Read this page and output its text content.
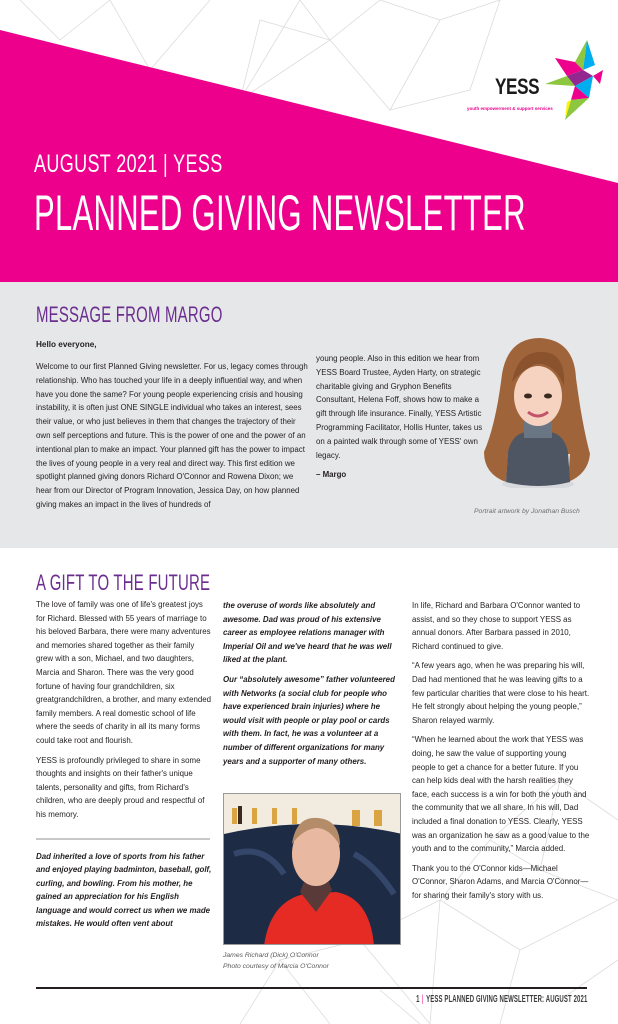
YESS
youth empowerment & support services
AUGUST 2021 | YESS
PLANNED GIVING NEWSLETTER
MESSAGE FROM MARGO
Hello everyone,

Welcome to our first Planned Giving newsletter. For us, legacy comes through relationship. Who has touched your life in a deeply influential way, and when have you done the same? For young people experiencing crisis and housing instability, it is often just ONE SINGLE individual who takes an interest, sees their value, or who just believes in them that changes the trajectory of their own self perceptions and future. This is the power of one and the power of an intentional plan to make an impact. Your planned gift has the power to impact the lives of young people in a very real and direct way. This first edition we spotlight planned giving donors Richard O'Connor and Rowena Dixon; we hear from our Director of Program Innovation, Jessica Day, on how planned giving makes an impact in the lives of hundreds of

young people. Also in this edition we hear from YESS Board Trustee, Ayden Harty, on strategic charitable giving and Gryphon Benefits Consultant, Helena Foff, shows how to make a gift through life insurance. Finally, YESS Artistic Programming Facilitator, Hollis Hunter, takes us on a painted walk through some of YESS' own legacy.

– Margo

Portrait artwork by Jonathan Busch
A GIFT TO THE FUTURE

The love of family was one of life's greatest joys for Richard. Blessed with 55 years of marriage to his beloved Barbara, there were many adventures and memories shared together as their family grew with a son, Michael, and two daughters, Marcia and Sharon. There was the very good fortune of having four grandchildren, six greatgrandchildren, a brother, and many extended family members. A real domestic school of life where the seeds of charity in all its many forms could take root and flourish.

YESS is profoundly privileged to share in some thoughts and insights on their father's unique talents, personality and gifts, from Richard's children, who are deeply proud and respectful of his memory.

Dad inherited a love of sports from his father and enjoyed playing badminton, baseball, golf, curling, and bowling. From his mother, he gained an appreciation for his English language and would correct us when we made mistakes. He would often vent about

the overuse of words like absolutely and awesome. Dad was proud of his extensive career as employee relations manager with Imperial Oil and we've heard that he was well liked at the plant.

Our “absolutely awesome” father volunteered with Networks (a social club for people who have experienced brain injuries) where he would visit with people or play pool or cards with them. In fact, he was a volunteer at a number of different organizations for many years and a supporter of many others.

James Richard (Dick) O'Connor
Photo courtesy of Marcia O'Connor

In life, Richard and Barbara O'Connor wanted to assist, and so they chose to support YESS as annual donors. After Barbara passed in 2010, Richard continued to give.

“A few years ago, when he was preparing his will, Dad had mentioned that he was leaving gifts to a few particular charities that were close to his heart. He felt strongly about helping the young people,” Sharon relayed warmly.

“When he learned about the work that YESS was doing, he saw the value of supporting young people to get a chance for a better future. If you can help kids deal with the harsh realities they face, each success is a win for both the youth and the community that we all share. In his will, Dad included a final donation to YESS. Clearly, YESS was an organization he saw as a good value to the youth and to the community,” Marcia added.

Thank you to the O'Connor kids—Michael O'Connor, Sharon Adams, and Marcia O'Connor—for sharing their family's story with us.

1 | YESS PLANNED GIVING NEWSLETTER: AUGUST 2021
